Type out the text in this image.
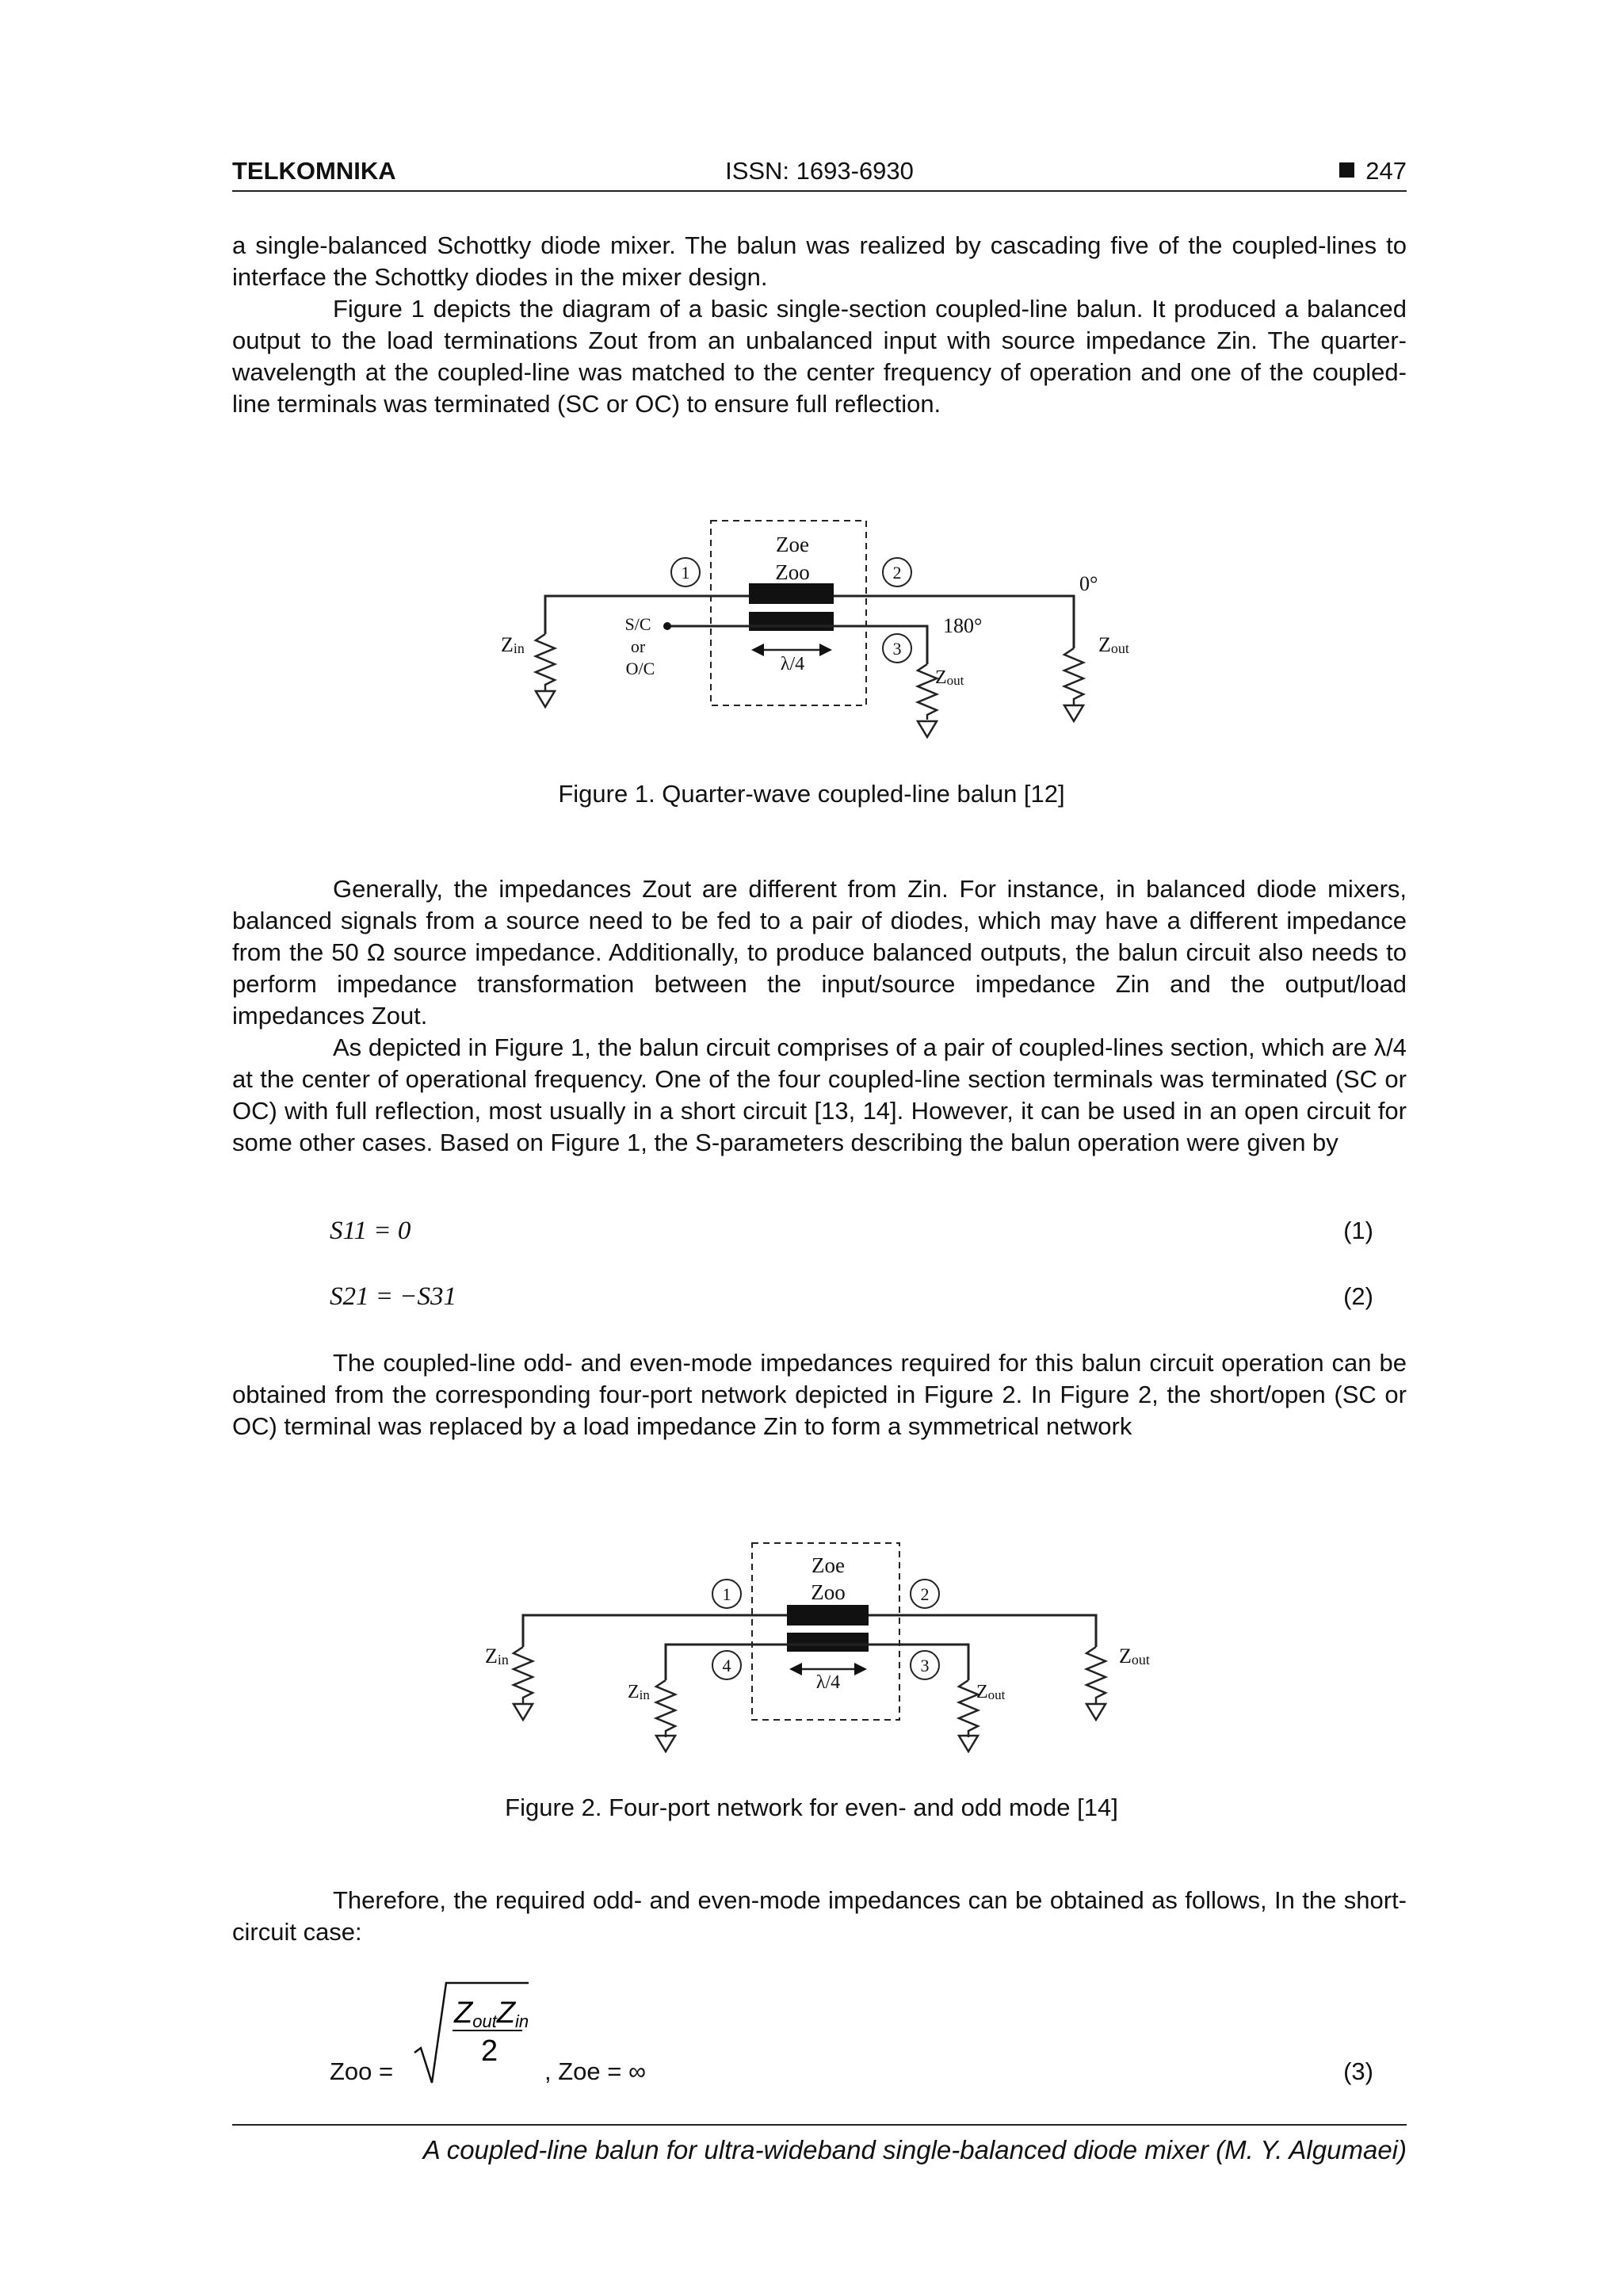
TELKOMNIKA	ISSN: 1693-6930	247

a single-balanced Schottky diode mixer. The balun was realized by cascading five of the coupled-lines to interface the Schottky diodes in the mixer design.

Figure 1 depicts the diagram of a basic single-section coupled-line balun. It produced a balanced output to the load terminations Zout from an unbalanced input with source impedance Zin. The quarter-wavelength at the coupled-line was matched to the center frequency of operation and one of the coupled-line terminals was terminated (SC or OC) to ensure full reflection.

1	2
3
Zoe
Zoo
λ/4
S/C
or
O/C
0°
180°
Zin	Zout
Zout

Figure 1. Quarter-wave coupled-line balun [12]

Generally, the impedances Zout are different from Zin. For instance, in balanced diode mixers, balanced signals from a source need to be fed to a pair of diodes, which may have a different impedance from the 50 Ω source impedance. Additionally, to produce balanced outputs, the balun circuit also needs to perform impedance transformation between the input/source impedance Zin and the output/load impedances Zout.

As depicted in Figure 1, the balun circuit comprises of a pair of coupled-lines section, which are λ/4 at the center of operational frequency. One of the four coupled-line section terminals was terminated (SC or OC) with full reflection, most usually in a short circuit [13, 14]. However, it can be used in an open circuit for some other cases. Based on Figure 1, the S-parameters describing the balun operation were given by

S11 = 0	(1)
S21 = −S31	(2)

The coupled-line odd- and even-mode impedances required for this balun circuit operation can be obtained from the corresponding four-port network depicted in Figure 2. In Figure 2, the short/open (SC or OC) terminal was replaced by a load impedance Zin to form a symmetrical network

1	2
4	3
Zoe
Zoo
λ/4
Zin
Zin	Zout
Zout

Figure 2. Four-port network for even- and odd mode [14]

Therefore, the required odd- and even-mode impedances can be obtained as follows, In the short-circuit case:

Zoo =
ZoutZin
2
, Zoe = ∞	(3)
A coupled-line balun for ultra-wideband single-balanced diode mixer (M. Y. Algumaei)
